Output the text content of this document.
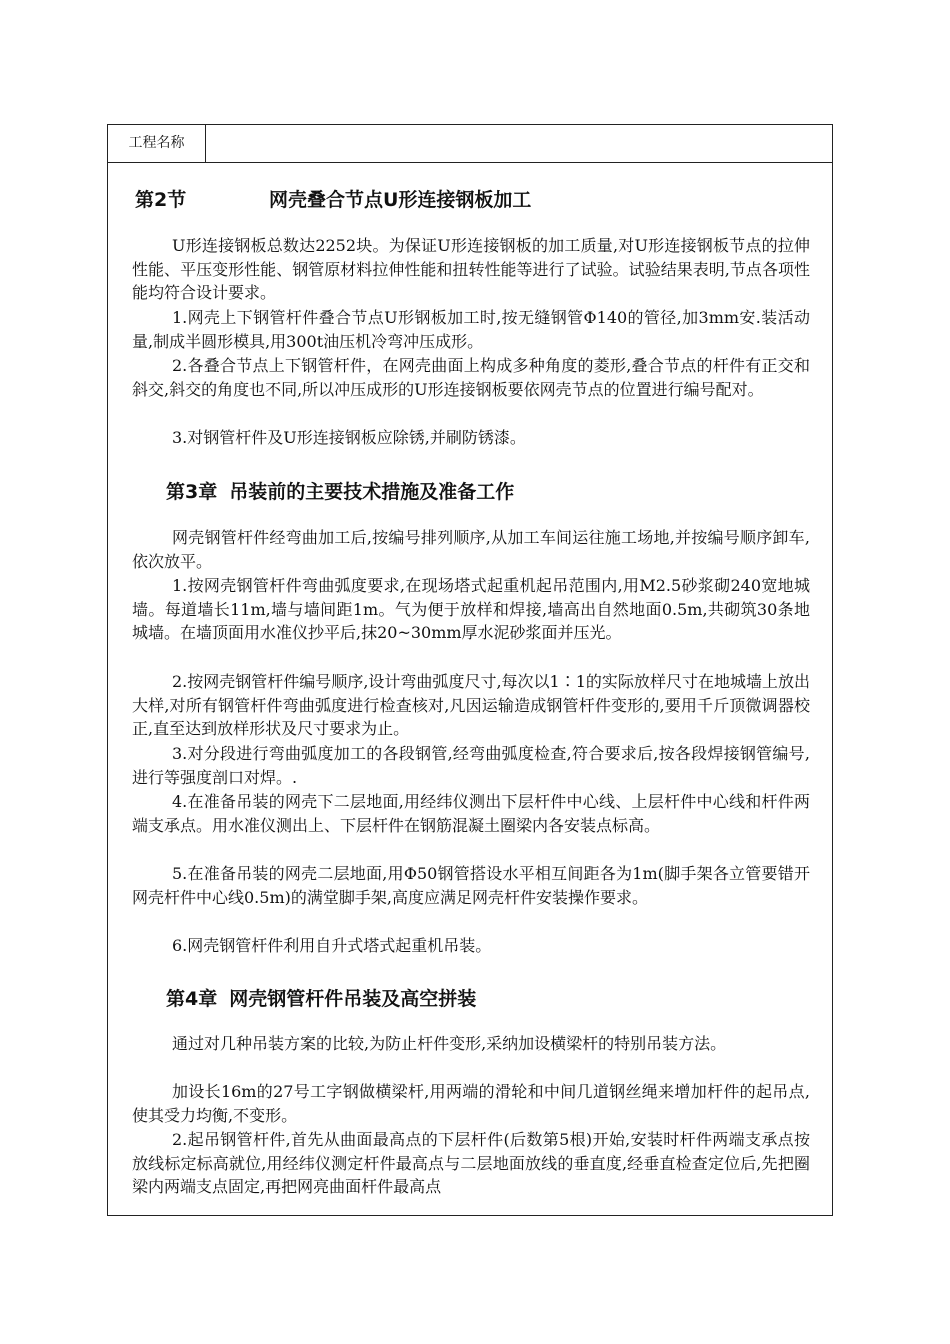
工程名称
第2节	网壳叠合节点U形连接钢板加工
U形连接钢板总数达2252块。为保证U形连接钢板的加工质量,对U形连接钢板节点的拉伸性能、平压变形性能、钢管原材料拉伸性能和扭转性能等进行了试验。试验结果表明,节点各项性能均符合设计要求。
1.网壳上下钢管杆件叠合节点U形钢板加工时,按无缝钢管Φ140的管径,加3mm安.装活动量,制成半圆形模具,用300t油压机冷弯冲压成形。
2.各叠合节点上下钢管杆件，在网壳曲面上构成多种角度的菱形,叠合节点的杆件有正交和斜交,斜交的角度也不同,所以冲压成形的U形连接钢板要依网壳节点的位置进行编号配对。
3.对钢管杆件及U形连接钢板应除锈,并刷防锈漆。
第3章 吊装前的主要技术措施及准备工作
网壳钢管杆件经弯曲加工后,按编号排列顺序,从加工车间运往施工场地,并按编号顺序卸车,依次放平。
1.按网壳钢管杆件弯曲弧度要求,在现场塔式起重机起吊范围内,用M2.5砂浆砌240宽地城墙。每道墙长11m,墙与墙间距1m。气为便于放样和焊接,墙高出自然地面0.5m,共砌筑30条地城墙。在墙顶面用水准仪抄平后,抹20~30mm厚水泥砂浆面并压光。
2.按网壳钢管杆件编号顺序,设计弯曲弧度尺寸,每次以1∶1的实际放样尺寸在地城墙上放出大样,对所有钢管杆件弯曲弧度进行检查核对,凡因运输造成钢管杆件变形的,要用千斤顶微调器校正,直至达到放样形状及尺寸要求为止。
3.对分段进行弯曲弧度加工的各段钢管,经弯曲弧度检查,符合要求后,按各段焊接钢管编号,进行等强度剖口对焊。.
4.在准备吊装的网壳下二层地面,用经纬仪测出下层杆件中心线、上层杆件中心线和杆件两端支承点。用水准仪测出上、下层杆件在钢筋混凝土圈梁内各安装点标高。
5.在准备吊装的网壳二层地面,用Φ50钢管搭设水平相互间距各为1m(脚手架各立管要错开网壳杆件中心线0.5m)的满堂脚手架,高度应满足网壳杆件安装操作要求。
6.网壳钢管杆件利用自升式塔式起重机吊装。
第4章 网壳钢管杆件吊装及高空拼装
通过对几种吊装方案的比较,为防止杆件变形,采纳加设横梁杆的特别吊装方法。
加设长16m的27号工字钢做横梁杆,用两端的滑轮和中间几道钢丝绳来增加杆件的起吊点,使其受力均衡,不变形。
2.起吊钢管杆件,首先从曲面最高点的下层杆件(后数第5根)开始,安装时杆件两端支承点按放线标定标高就位,用经纬仪测定杆件最高点与二层地面放线的垂直度,经垂直检查定位后,先把圈梁内两端支点固定,再把网亮曲面杆件最高点
